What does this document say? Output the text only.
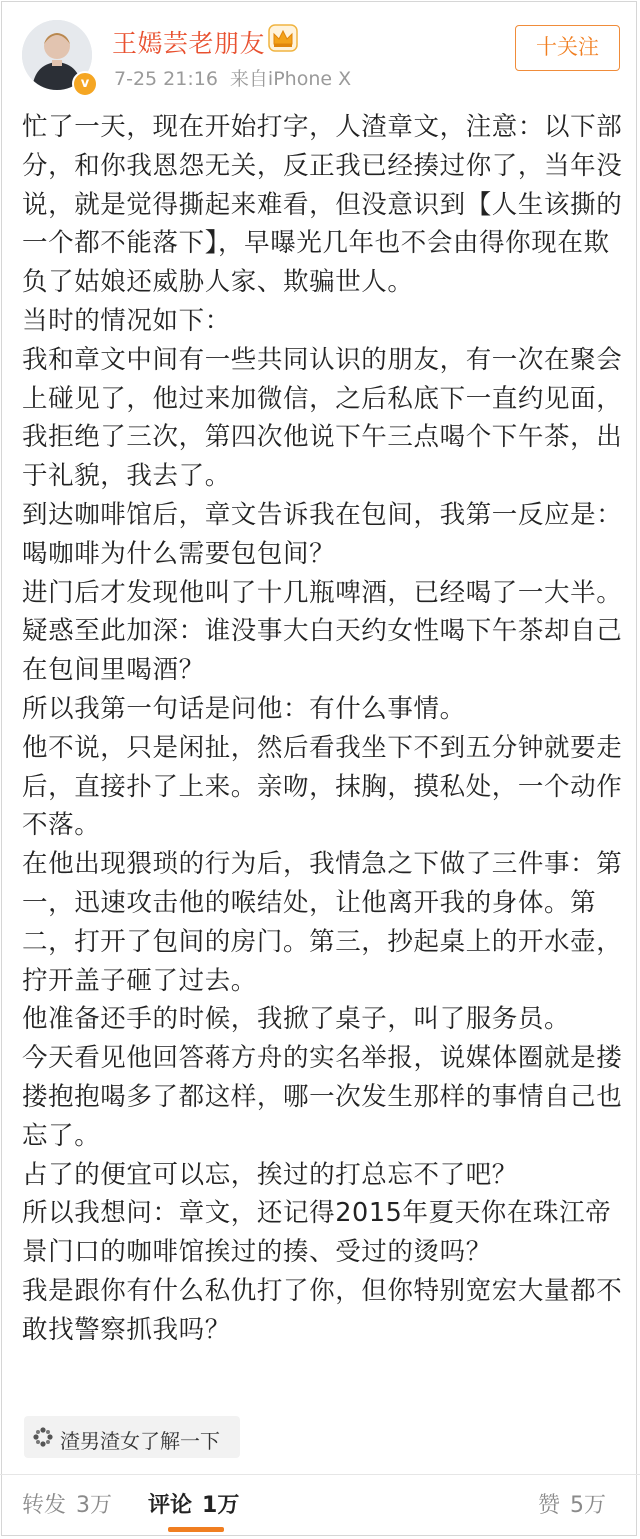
v
王嫣芸老朋友
7-25 21:16 来自iPhone X
十关注

忙了一天，现在开始打字，人渣章文，注意：以下部分，和你我恩怨无关，反正我已经揍过你了，当年没说，就是觉得撕起来难看，但没意识到【人生该撕的一个都不能落下】，早曝光几年也不会由得你现在欺负了姑娘还威胁人家、欺骗世人。

当时的情况如下：

我和章文中间有一些共同认识的朋友，有一次在聚会上碰见了，他过来加微信，之后私底下一直约见面，我拒绝了三次，第四次他说下午三点喝个下午茶，出于礼貌，我去了。

到达咖啡馆后，章文告诉我在包间，我第一反应是：喝咖啡为什么需要包包间？

进门后才发现他叫了十几瓶啤酒，已经喝了一大半。疑惑至此加深：谁没事大白天约女性喝下午茶却自己在包间里喝酒？

所以我第一句话是问他：有什么事情。

他不说，只是闲扯，然后看我坐下不到五分钟就要走后，直接扑了上来。亲吻，抹胸，摸私处，一个动作不落。

在他出现猥琐的行为后，我情急之下做了三件事：第一，迅速攻击他的喉结处，让他离开我的身体。第二，打开了包间的房门。第三，抄起桌上的开水壶，拧开盖子砸了过去。

他准备还手的时候，我掀了桌子，叫了服务员。

今天看见他回答蒋方舟的实名举报，说媒体圈就是搂搂抱抱喝多了都这样，哪一次发生那样的事情自己也忘了。

占了的便宜可以忘，挨过的打总忘不了吧？

所以我想问：章文，还记得2015年夏天你在珠江帝景门口的咖啡馆挨过的揍、受过的烫吗？

我是跟你有什么私仇打了你，但你特别宽宏大量都不敢找警察抓我吗？

渣男渣女了解一下
转发 3万 评论 1万	赞 5万
